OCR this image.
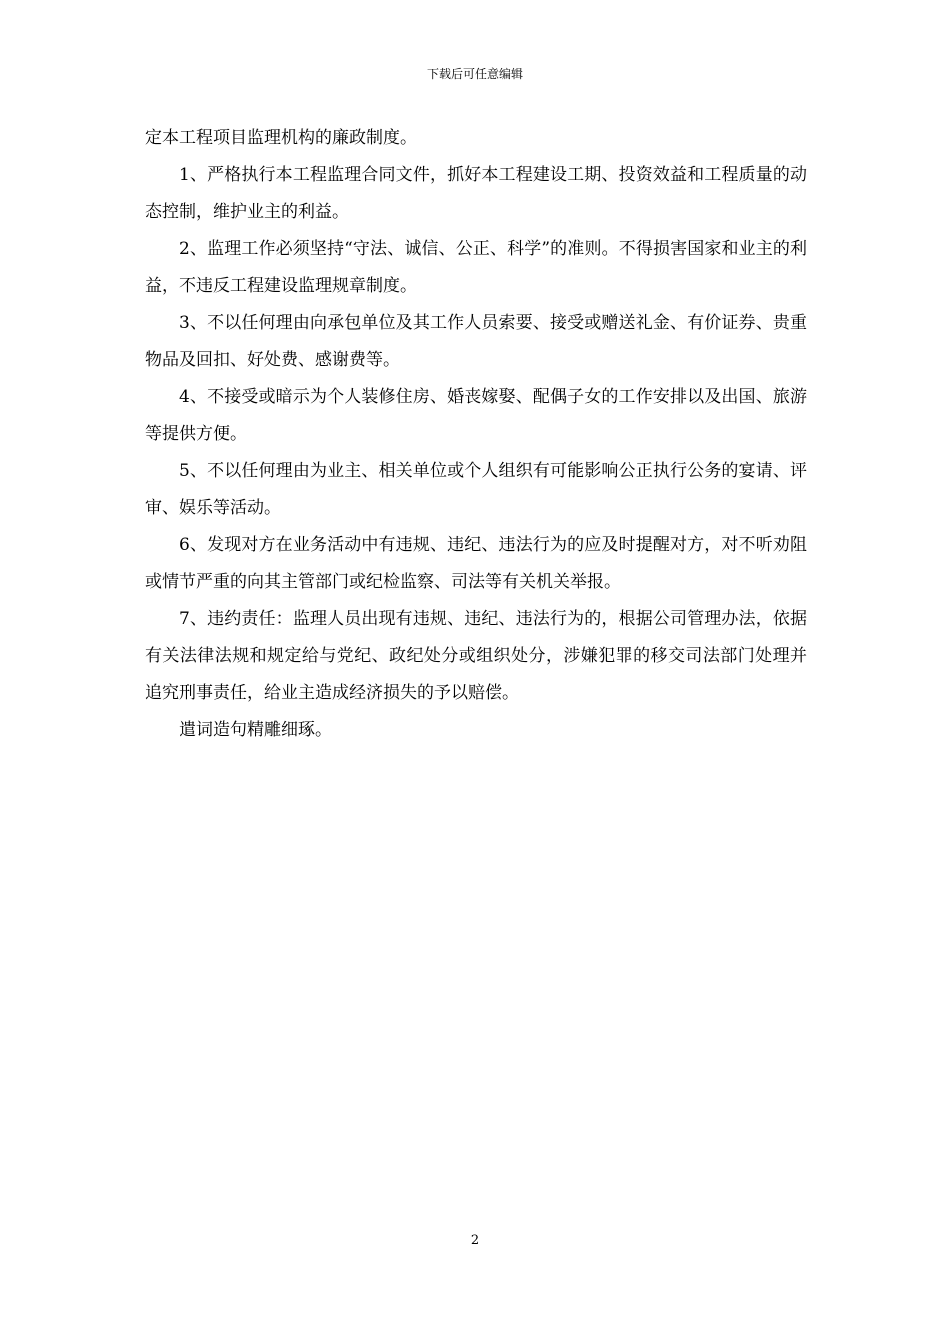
下载后可任意编辑

定本工程项目监理机构的廉政制度。

1、严格执行本工程监理合同文件，抓好本工程建设工期、投资效益和工程质量的动态控制，维护业主的利益。

2、监理工作必须坚持“守法、诚信、公正、科学”的准则。不得损害国家和业主的利益，不违反工程建设监理规章制度。

3、不以任何理由向承包单位及其工作人员索要、接受或赠送礼金、有价证券、贵重物品及回扣、好处费、感谢费等。

4、不接受或暗示为个人装修住房、婚丧嫁娶、配偶子女的工作安排以及出国、旅游等提供方便。

5、不以任何理由为业主、相关单位或个人组织有可能影响公正执行公务的宴请、评审、娱乐等活动。

6、发现对方在业务活动中有违规、违纪、违法行为的应及时提醒对方，对不听劝阻或情节严重的向其主管部门或纪检监察、司法等有关机关举报。

7、违约责任：监理人员出现有违规、违纪、违法行为的，根据公司管理办法，依据有关法律法规和规定给与党纪、政纪处分或组织处分，涉嫌犯罪的移交司法部门处理并追究刑事责任，给业主造成经济损失的予以赔偿。

遣词造句精雕细琢。

2
